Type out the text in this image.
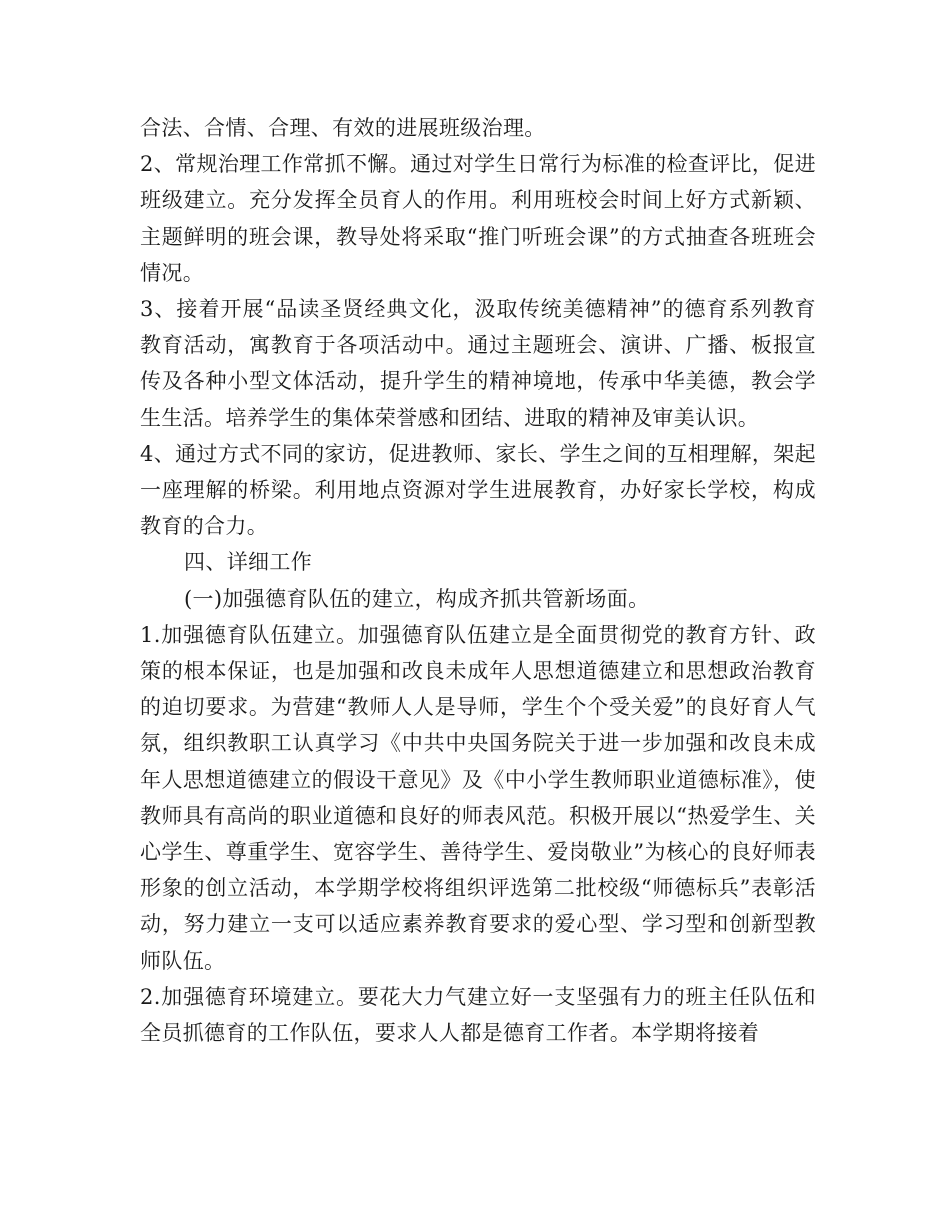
合法、合情、合理、有效的进展班级治理。

2、常规治理工作常抓不懈。通过对学生日常行为标准的检查评比，促进班级建立。充分发挥全员育人的作用。利用班校会时间上好方式新颖、主题鲜明的班会课，教导处将采取“推门听班会课”的方式抽查各班班会情况。

3、接着开展“品读圣贤经典文化，汲取传统美德精神”的德育系列教育教育活动，寓教育于各项活动中。通过主题班会、演讲、广播、板报宣传及各种小型文体活动，提升学生的精神境地，传承中华美德，教会学生生活。培养学生的集体荣誉感和团结、进取的精神及审美认识。

4、通过方式不同的家访，促进教师、家长、学生之间的互相理解，架起一座理解的桥梁。利用地点资源对学生进展教育，办好家长学校，构成教育的合力。

四、详细工作

(一)加强德育队伍的建立，构成齐抓共管新场面。

1.加强德育队伍建立。加强德育队伍建立是全面贯彻党的教育方针、政策的根本保证，也是加强和改良未成年人思想道德建立和思想政治教育的迫切要求。为营建“教师人人是导师，学生个个受关爱”的良好育人气氛，组织教职工认真学习《中共中央国务院关于进一步加强和改良未成年人思想道德建立的假设干意见》及《中小学生教师职业道德标准》，使教师具有高尚的职业道德和良好的师表风范。积极开展以“热爱学生、关心学生、尊重学生、宽容学生、善待学生、爱岗敬业”为核心的良好师表形象的创立活动，本学期学校将组织评选第二批校级“师德标兵”表彰活动，努力建立一支可以适应素养教育要求的爱心型、学习型和创新型教师队伍。

2.加强德育环境建立。要花大力气建立好一支坚强有力的班主任队伍和全员抓德育的工作队伍，要求人人都是德育工作者。本学期将接着
